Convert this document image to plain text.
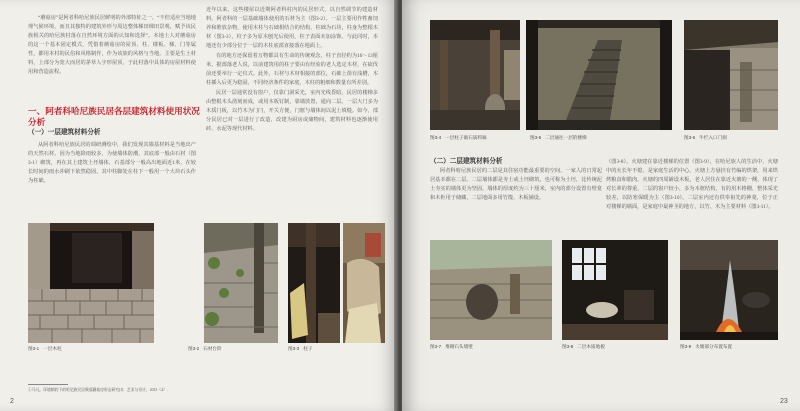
“蘑菇房”是阿者科哈尼族民居鲜明的外部特征之一，“不但适应当地地理气候环境，而且其独特的建筑外形与周边整体梯田梯田景观，赋予该民族相关的哈尼族村落在自然环境方面的认知和选择”。本地土人对蘑菇房的这一个基本固定模式，凭借着蘑菇房的屋顶、柱、楼板、梯、门等属性，都用本村的民俗和风格制作，作为该族的风格与当地。主要是生土材料，上部分为宽大而居的茅草人字形屋顶，于此村落中具体的房屋材料使用和营造流程。

一、阿者科哈尼族民居各层建筑材料使用状况分析
（一）一层建筑材料分析

从阿者科哈尼族民居的调研测绘中，我们发现其墙基材料是当地出产的天然石材。因为当地降雨较多，为使墙体防潮，其底部一般由石材（图3-1）砌筑，再在其上建筑土坯墙体，石基部分一般高出地面近1米，在较长时间的雨水冲刷下依然稳固。其中柱脚处在柱下一般用一个大块石头作为柱础。

近年以来，这些楼屋以近期阿者科村内的民居形式，以自然调节的建造材料，阿者科的一层基础墙体使用的石材为主（图3-2）。一层主要用作牲畜饲养和堆放杂物，使用木柱与石础相结合的结构，柱础为石块，柱身为整根木材（图3-3），柱子多为原木刨光后使用，柱子表面未加涂饰。与此同时，本地还有少部分位于一层的木柱底部直接落在地面上。

有的地方还保留着万物都具有生命的传统观念，柱子直径约为10～13厘米，据部落老人说，以前建筑用的柱子要由有经验的老人选定木材，在砍伐前还要举行一定仪式。此外，石材与木材相接的部位，石础上凿有浅槽，木柱插入后更为稳固。不同经济条件的家庭，木柱的粗细和数量有所差别。

民居一层通常没有窗户，仅靠门洞采光，室内光线昏暗。民居的楼梯多由整根木头凿刻而成，或用木板钉制，靠墙放置，通向二层。一层大门多为木质门板，以竹木为门闩，开关方便，门框与墙体间以泥土填缝。如今，部分民居已对一层进行了改造，改建为厨房或储物间，建筑材料也逐渐使用砖、水泥等现代材料。

图3-1 一层木柱	图3-2 石材台阶	图3-3 柱子
①马凡，环境制约下的哈尼族民居聚落蘑菇房形态研究[J]．艺术与设计，2013（4）．
2
图3-4 一层柱子础石质料廊	图3-5 二层通往一层的楼梯	图3-6 牛栏入口门洞
（二）二层建筑材料分析

阿者科哈尼族民居的二层是其住宿功能最重要的空间，一家人的日常起居基本都在二层。二层墙体都是夯土或土坯砌筑，也可称为土坯，比传统泥土夯实的墙体更为坚固。墙体的厚度约为三十厘米，室内的部分设置有壁龛和木柜用于储藏，二层地面多用竹篾、木板铺设。

（图3-8）。火塘建在靠近楼梯的位置（图3-9），在哈尼族人的生活中，火塘中的火长年不熄，是家庭生活的中心。火塘上方悬挂有竹编的烘架，用来烘烤粮食和腊肉。火塘的四周铺设木板，老人居住在靠近火塘的一侧，体现了对长辈的尊重。二层的窗户较小，多为木框结构，有的用木格栅，整体采光较差，以防寒保暖为主（图3-10）。二层室内还有供奉祖先的神龛，位于正对楼梯的墙面，是家庭中最神圣的地方，以竹、木为主要材料（图3-11）。

图3-7 堆砌石头墙壁	图3-8 二层木质地板	图3-9 火塘部分布置布置
23
